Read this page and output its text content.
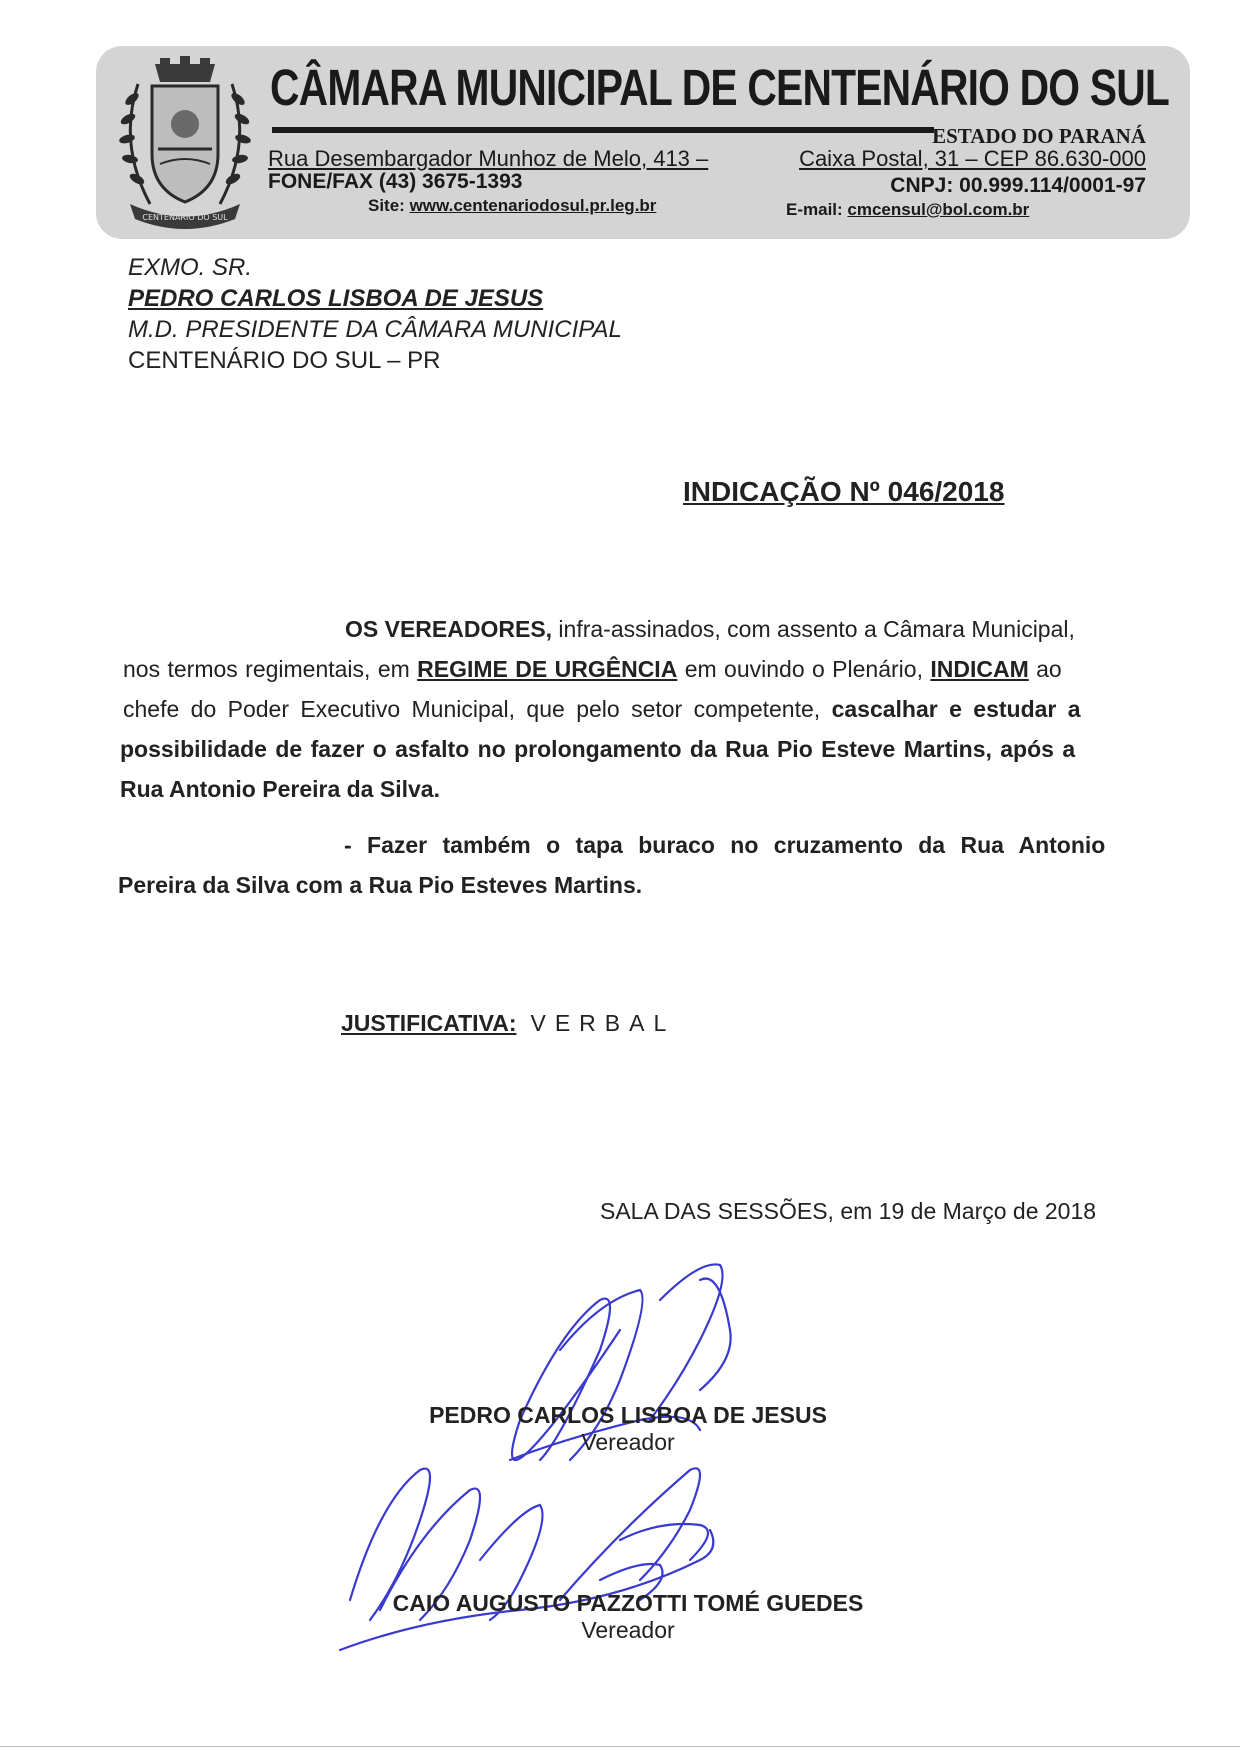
CENTENÁRIO DO SUL
CÂMARA MUNICIPAL DE CENTENÁRIO DO SUL
ESTADO DO PARANÁ
Rua Desembargador Munhoz de Melo, 413 –	Caixa Postal, 31 – CEP 86.630-000
FONE/FAX (43) 3675-1393	CNPJ: 00.999.114/0001-97
Site: www.centenariodosul.pr.leg.br	E-mail: cmcensul@bol.com.br
EXMO. SR.
PEDRO CARLOS LISBOA DE JESUS
M.D. PRESIDENTE DA CÂMARA MUNICIPAL
CENTENÁRIO DO SUL – PR
INDICAÇÃO Nº 046/2018
OS VEREADORES, infra-assinados, com assento a Câmara Municipal,
nos termos regimentais, em REGIME DE URGÊNCIA em ouvindo o Plenário, INDICAM ao
chefe do Poder Executivo Municipal, que pelo setor competente, cascalhar e estudar a
possibilidade de fazer o asfalto no prolongamento da Rua Pio Esteve Martins, após a
Rua Antonio Pereira da Silva.
- Fazer também o tapa buraco no cruzamento da Rua Antonio
Pereira da Silva com a Rua Pio Esteves Martins.
JUSTIFICATIVA: VERBAL
SALA DAS SESSÕES, em 19 de Março de 2018
PEDRO CARLOS LISBOA DE JESUS
Vereador
CAIO AUGUSTO PAZZOTTI TOMÉ GUEDES
Vereador
